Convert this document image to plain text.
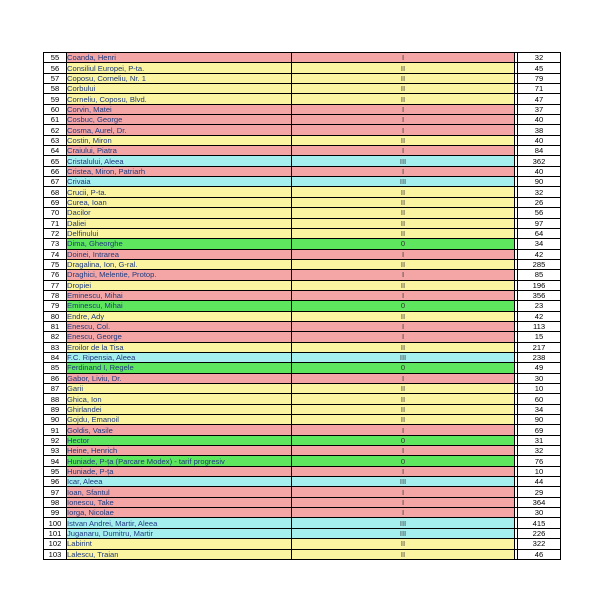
55	Coanda, Henri	I		32
56	Consiliul Europei, P-ta.	II		45
57	Coposu, Corneliu, Nr. 1	II		79
58	Corbului	II		71
59	Corneliu, Coposu, Blvd.	II		47
60	Corvin, Matei	I		37
61	Cosbuc, George	I		40
62	Cosma, Aurel, Dr.	I		38
63	Costin, Miron	II		40
64	Craiului, Piatra	I		84
65	Cristalului, Aleea	III		362
66	Cristea, Miron, Patriarh	I		40
67	Crivaia	III		90
68	Crucii, P-ta.	II		32
69	Curea, Ioan	II		26
70	Dacilor	II		56
71	Daliei	II		97
72	Delfinului	II		64
73	Dima, Gheorghe	0		34
74	Doinei, Intrarea	I		42
75	Dragalina, Ion, G-ral.	II		285
76	Draghici, Melentie, Protop.	I		85
77	Dropiei	II		196
78	Eminescu, Mihai	I		356
79	Eminescu, Mihai	0		23
80	Endre, Ady	II		42
81	Enescu, Col.	I		113
82	Enescu, George	I		15
83	Eroilor de la Tisa	II		217
84	F.C. Ripensia, Aleea	III		238
85	Ferdinand I, Regele	0		49
86	Gabor, Liviu, Dr.	I		30
87	Garii	II		10
88	Ghica, Ion	II		60
89	Ghirlandei	II		34
90	Gojdu, Emanoil	II		90
91	Goldis, Vasile	I		69
92	Hector	0		31
93	Heine, Henrich	I		32
94	Huniade, P-ța (Parcare Modex) - tarif progresiv	0		76
95	Huniade, P-ța	I		10
96	Icar, Aleea	III		44
97	Ioan, Sfantul	I		29
98	Ionescu, Take	I		364
99	Iorga, Nicolae	I		30
100	Istvan Andrei, Martir, Aleea	III		415
101	Juganaru, Dumitru, Martir	III		226
102	Labirint	II		322
103	Lalescu, Traian	II		46
